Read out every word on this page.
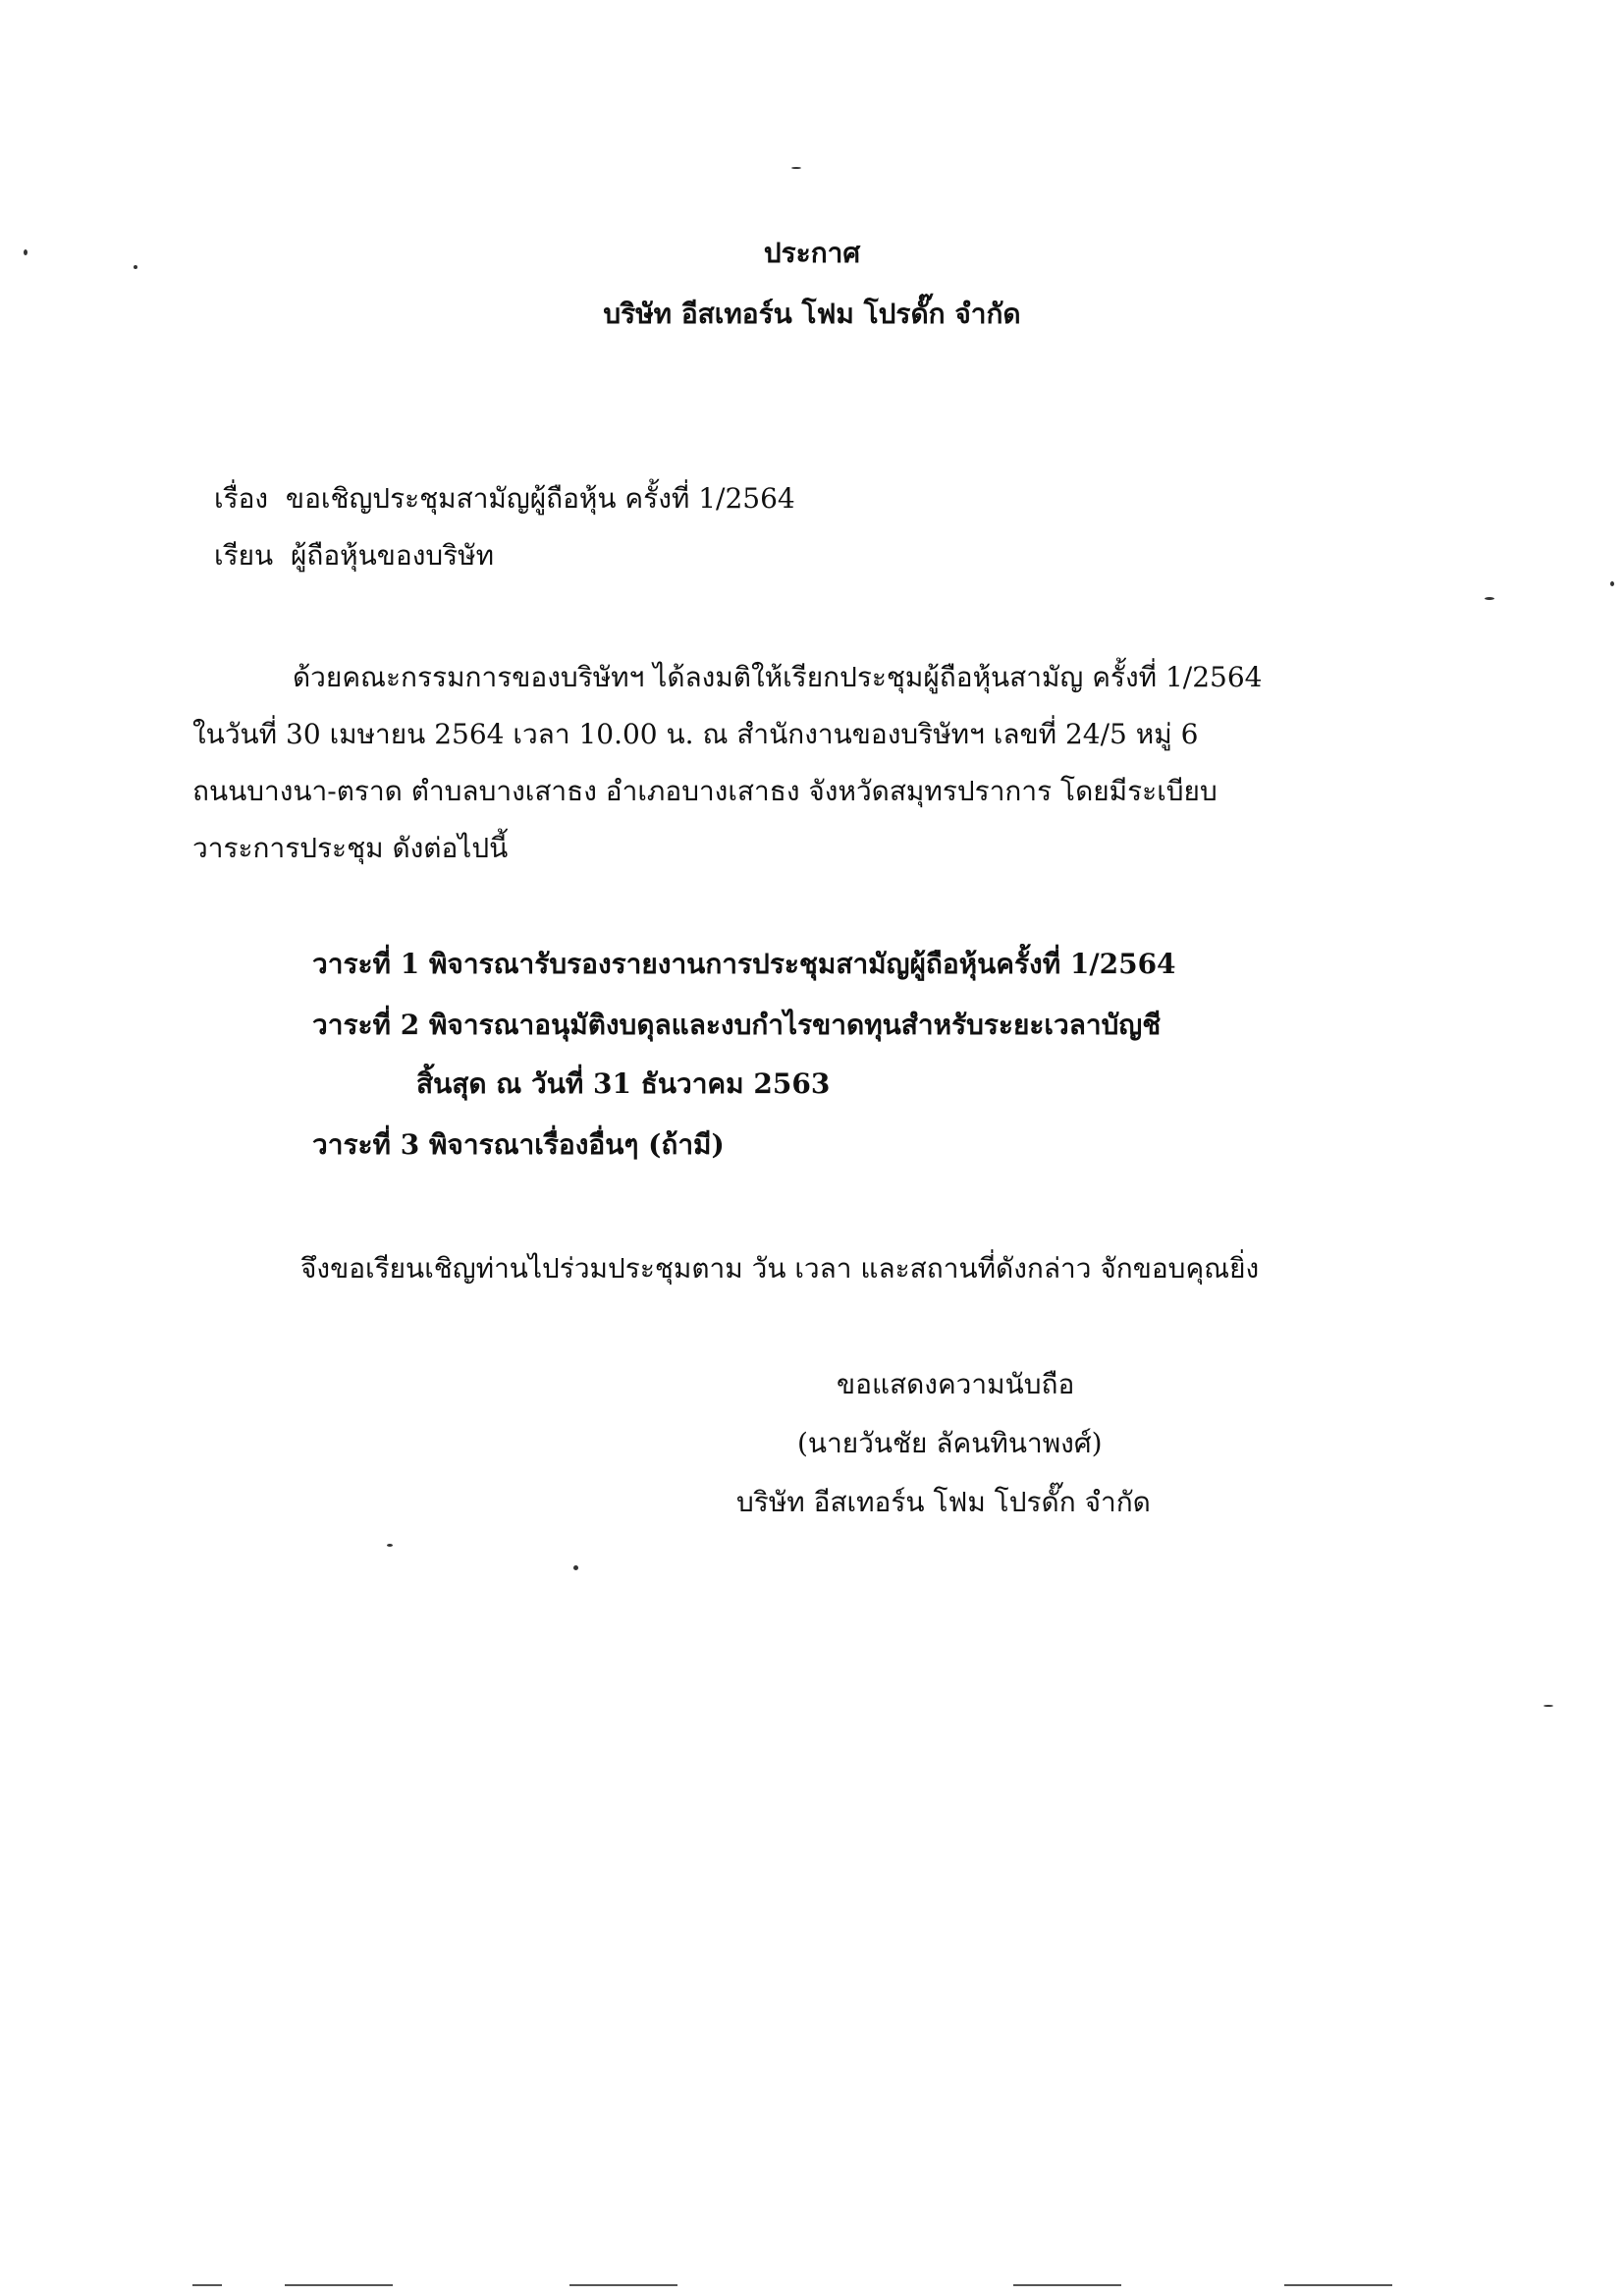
ประกาศ
บริษัท อีสเทอร์น โฟม โปรดั๊ก จำกัด
เรื่อง ขอเชิญประชุมสามัญผู้ถือหุ้น ครั้งที่ 1/2564
เรียน ผู้ถือหุ้นของบริษัท
ด้วยคณะกรรมการของบริษัทฯ ได้ลงมติให้เรียกประชุมผู้ถือหุ้นสามัญ ครั้งที่ 1/2564
ในวันที่ 30 เมษายน 2564 เวลา 10.00 น. ณ สำนักงานของบริษัทฯ เลขที่ 24/5 หมู่ 6
ถนนบางนา-ตราด ตำบลบางเสาธง อำเภอบางเสาธง จังหวัดสมุทรปราการ โดยมีระเบียบ
วาระการประชุม ดังต่อไปนี้
วาระที่ 1 พิจารณารับรองรายงานการประชุมสามัญผู้ถือหุ้นครั้งที่ 1/2564
วาระที่ 2 พิจารณาอนุมัติงบดุลและงบกำไรขาดทุนสำหรับระยะเวลาบัญชี
สิ้นสุด ณ วันที่ 31 ธันวาคม 2563
วาระที่ 3 พิจารณาเรื่องอื่นๆ (ถ้ามี)
จึงขอเรียนเชิญท่านไปร่วมประชุมตาม วัน เวลา และสถานที่ดังกล่าว จักขอบคุณยิ่ง
ขอแสดงความนับถือ
(นายวันชัย ลัคนทินาพงศ์)
บริษัท อีสเทอร์น โฟม โปรดั๊ก จำกัด
